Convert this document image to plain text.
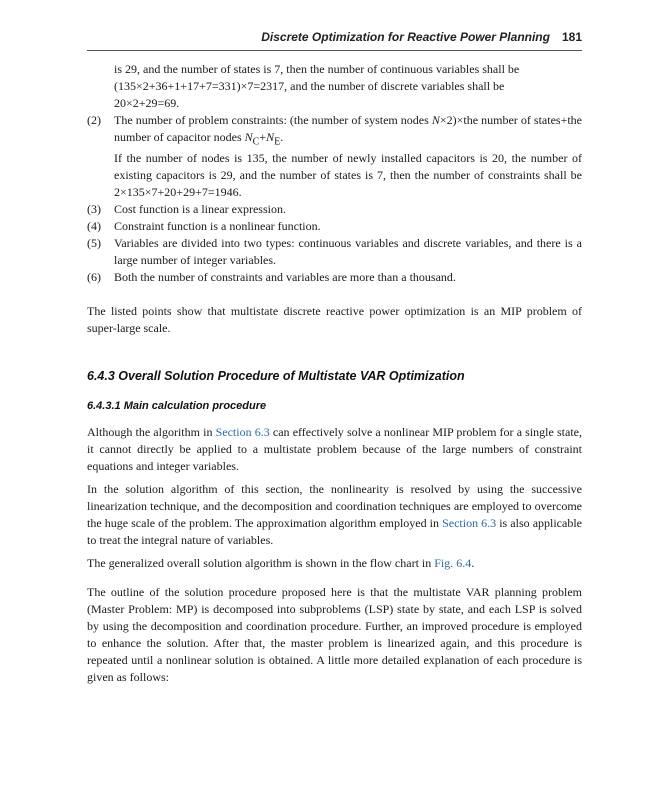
Discrete Optimization for Reactive Power Planning 181

is 29, and the number of states is 7, then the number of continuous variables shall be

(135×2+36+1+17+7=331)×7=2317, and the number of discrete variables shall be

20×2+29=69.

(2) The number of problem constraints: (the number of system nodes N×2)×the number of states+the number of capacitor nodes $N_C+N_E$.

If the number of nodes is 135, the number of newly installed capacitors is 20, the number of existing capacitors is 29, and the number of states is 7, then the number of constraints shall be 2×135×7+20+29+7=1946.

(3) Cost function is a linear expression.

(4) Constraint function is a nonlinear function.

(5) Variables are divided into two types: continuous variables and discrete variables, and there is a large number of integer variables.

(6) Both the number of constraints and variables are more than a thousand.

The listed points show that multistate discrete reactive power optimization is an MIP problem of super-large scale.

6.4.3 Overall Solution Procedure of Multistate VAR Optimization
6.4.3.1 Main calculation procedure

Although the algorithm in Section 6.3 can effectively solve a nonlinear MIP problem for a single state, it cannot directly be applied to a multistate problem because of the large numbers of constraint equations and integer variables.

In the solution algorithm of this section, the nonlinearity is resolved by using the successive linearization technique, and the decomposition and coordination techniques are employed to overcome the huge scale of the problem. The approximation algorithm employed in Section 6.3 is also applicable to treat the integral nature of variables.

The generalized overall solution algorithm is shown in the flow chart in Fig. 6.4.

The outline of the solution procedure proposed here is that the multistate VAR planning problem (Master Problem: MP) is decomposed into subproblems (LSP) state by state, and each LSP is solved by using the decomposition and coordination procedure. Further, an improved procedure is employed to enhance the solution. After that, the master problem is linearized again, and this procedure is repeated until a nonlinear solution is obtained. A little more detailed explanation of each procedure is given as follows:
